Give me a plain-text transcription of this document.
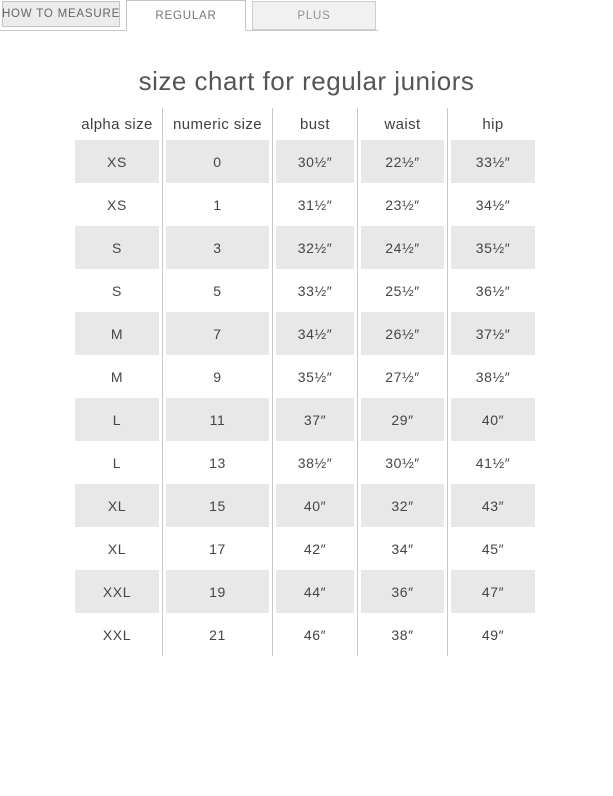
HOW TO MEASURE	REGULAR	PLUS
size chart for regular juniors
alpha size	numeric size	bust	waist	hip
XS	0	30½″	22½″	33½″
XS	1	31½″	23½″	34½″
S	3	32½″	24½″	35½″
S	5	33½″	25½″	36½″
M	7	34½″	26½″	37½″
M	9	35½″	27½″	38½″
L	11	37″	29″	40″
L	13	38½″	30½″	41½″
XL	15	40″	32″	43″
XL	17	42″	34″	45″
XXL	19	44″	36″	47″
XXL	21	46″	38″	49″
